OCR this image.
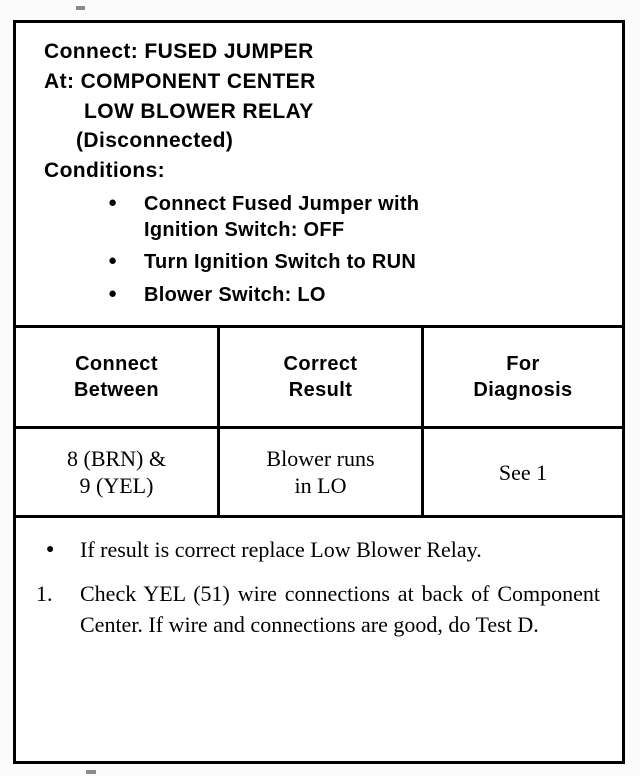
Connect: FUSED JUMPER
At: COMPONENT CENTER
LOW BLOWER RELAY
(Disconnected)
Conditions:
● Connect Fused Jumper with
Ignition Switch: OFF
● Turn Ignition Switch to RUN
● Blower Switch: LO
Connect
Between
Correct
Result
For
Diagnosis
8 (BRN) &
9 (YEL)
Blower runs
in LO
See 1
● If result is correct replace Low Blower Relay.
1. Check YEL (51) wire connections at back of Component Center. If wire and connections are good, do Test D.
